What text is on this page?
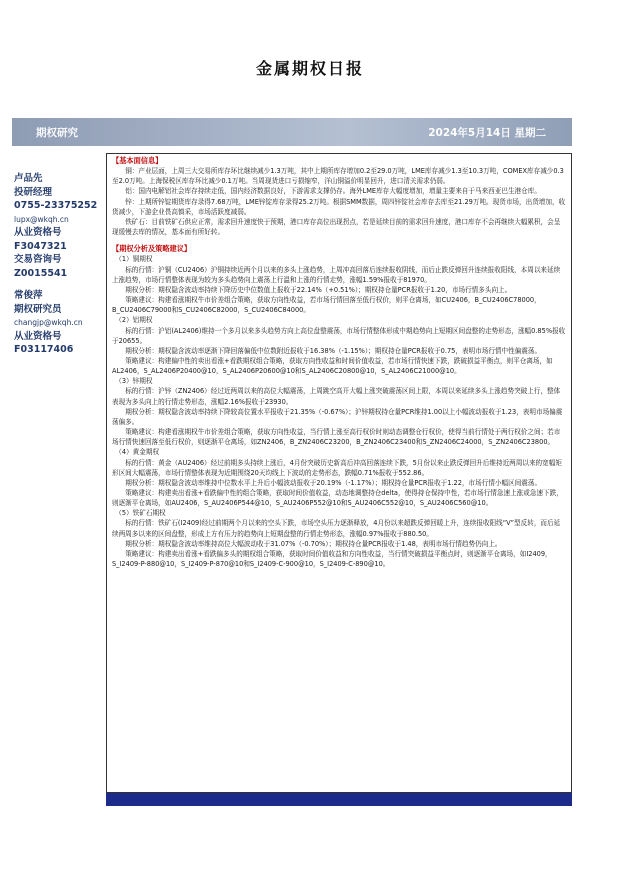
金属期权日报
期权研究	2024年5月14日 星期二
卢品先
投研经理
0755-23375252
lupx@wkqh.cn
从业资格号
F3047321
交易咨询号
Z0015541
常俊萍
期权研究员
changjp@wkqh.cn
从业资格号
F03117406
【基本面信息】
铜：产业层面，上周三大交易所库存环比继续减少1.3万吨，其中上期所库存增加0.2至29.0万吨，LME库存减少1.3至10.3万吨，COMEX库存减少0.3至2.0万吨。上海保税区库存环比减少0.1万吨。当周现货进口亏损缩窄，洋山铜溢价明显回升，进口清关需求仍弱。
铝：国内电解铝社会库存持续走低，国内经济数据良好，下游需求支撑仍存。海外LME库存大幅度增加，增量主要来自于马来西亚巴生港仓库。
锌：上期所锌锭期货库存录得7.68万吨，LME锌锭库存录得25.2万吨。根据SMM数据，周四锌锭社会库存去库至21.29万吨。现货市场，出货增加，收货减少，下游企业畏高慎采，市场活跃度减弱。
铁矿石：目前铁矿石供应正常，需求回升速度快于预期，港口库存高位出现拐点，若是延续目前的需求回升速度，港口库存不会再继续大幅累积，会呈现缓慢去库的情况，基本面有所好转。
【期权分析及策略建议】
（1）铜期权
标的行情：沪铜（CU2406）沪铜持续近两个月以来的多头上涨趋势，上周冲高回落后连续报收阴线，而后止跌反弹回升连续报收阳线，本周以来延续上涨趋势，市场行情整体表现为较为多头趋势向上震荡上行温和上涨的行情走势，涨幅1.59%报收于81970。
期权分析：期权隐含波动率持续下降历史中位数值上报收于22.14%（+0.51%）；期权持仓量PCR报收于1.20，市场行情多头向上。
策略建议：构建看涨期权牛市价差组合策略，获取方向性收益，若市场行情回落至低行权价，则平仓离场，如CU2406，B_CU2406C78000，B_CU2406C79000和S_CU2406C82000，S_CU2406C84000。
（2）铝期权
标的行情：沪铝(AL2406)维持一个多月以来多头趋势方向上高位盘整震荡，市场行情整体形成中期趋势向上短期区间盘整的走势形态，涨幅0.85%报收于20655。
期权分析：期权隐含波动率逐渐下降回落偏低中位数附近报收于16.38%（-1.15%）；期权持仓量PCR报收于0.75，表明市场行情中性偏震荡。
策略建议：构建偏中性的卖出看涨+看跌期权组合策略，获取方向性收益和时间价值收益，若市场行情快速下跌，跌破损益平衡点，则平仓离场，如AL2406，S_AL2406P20400@10，S_AL2406P20600@10和S_AL2406C20800@10，S_AL2406C21000@10。
（3）锌期权
标的行情：沪锌（ZN2406）经过近两周以来的高位大幅震荡，上周跳空高开大幅上涨突破震荡区间上限，本周以来延续多头上涨趋势突破上行，整体表现为多头向上的行情走势形态，涨幅2.16%报收于23930。
期权分析：期权隐含波动率持续下降较高位置水平报收于21.35%（-0.67%）；沪锌期权持仓量PCR维持1.00以上小幅波动报收于1.23，表明市场偏震荡偏多。
策略建议：构建看涨期权牛市价差组合策略，获取方向性收益，当行情上涨至高行权价时则动态调整仓行权价，使得当前行情处于两行权价之间；若市场行情快速回落至低行权价，则逐渐平仓离场，如ZN2406，B_ZN2406C23200，B_ZN2406C23400和S_ZN2406C24000，S_ZN2406C23800。
（4）黄金期权
标的行情：黄金（AU2406）经过前期多头持续上涨后，4月份突破历史新高后冲高回落连续下跌，5月份以来止跌反弹回升后维持近两周以来的宽幅矩形区间大幅震荡，市场行情整体表现为近期围绕20天均线上下波动的走势形态，跌幅0.71%报收于552.86。
期权分析：期权隐含波动率维持中位数水平上升后小幅波动报收于20.19%（-1.17%）；期权持仓量PCR报收于1.22，市场行情小幅区间震荡。
策略建议：构建卖出看涨+看跌偏中性的组合策略，获取时间价值收益，动态地调整持仓delta，使得持仓保持中性，若市场行情急速上涨或急速下跌，则逐渐平仓离场，如AU2406，S_AU2406P544@10，S_AU2406P552@10和S_AU2406C552@10，S_AU2406C560@10。
（5）铁矿石期权
标的行情：铁矿石(I2409)经过前期两个月以来的空头下跌，市场空头压力逐渐释放，4月份以来超跌反弹回暖上升，连续报收阳线“V”型反转，而后延续两周多以来的区间盘整，形成上方有压力的趋势向上短期盘整的行情走势形态，涨幅0.97%报收于880.50。
期权分析：期权隐含波动率维持高位大幅波动收于31.07%（-0.70%）；期权持仓量PCR报收于1.48，表明市场行情趋势仍向上。
策略建议：构建卖出看涨+看跌偏多头的期权组合策略，获取时间价值收益和方向性收益，当行情突破损益平衡点时，则逐渐平仓离场，如I2409，S_I2409-P-880@10，S_I2409-P-870@10和S_I2409-C-900@10，S_I2409-C-890@10。
